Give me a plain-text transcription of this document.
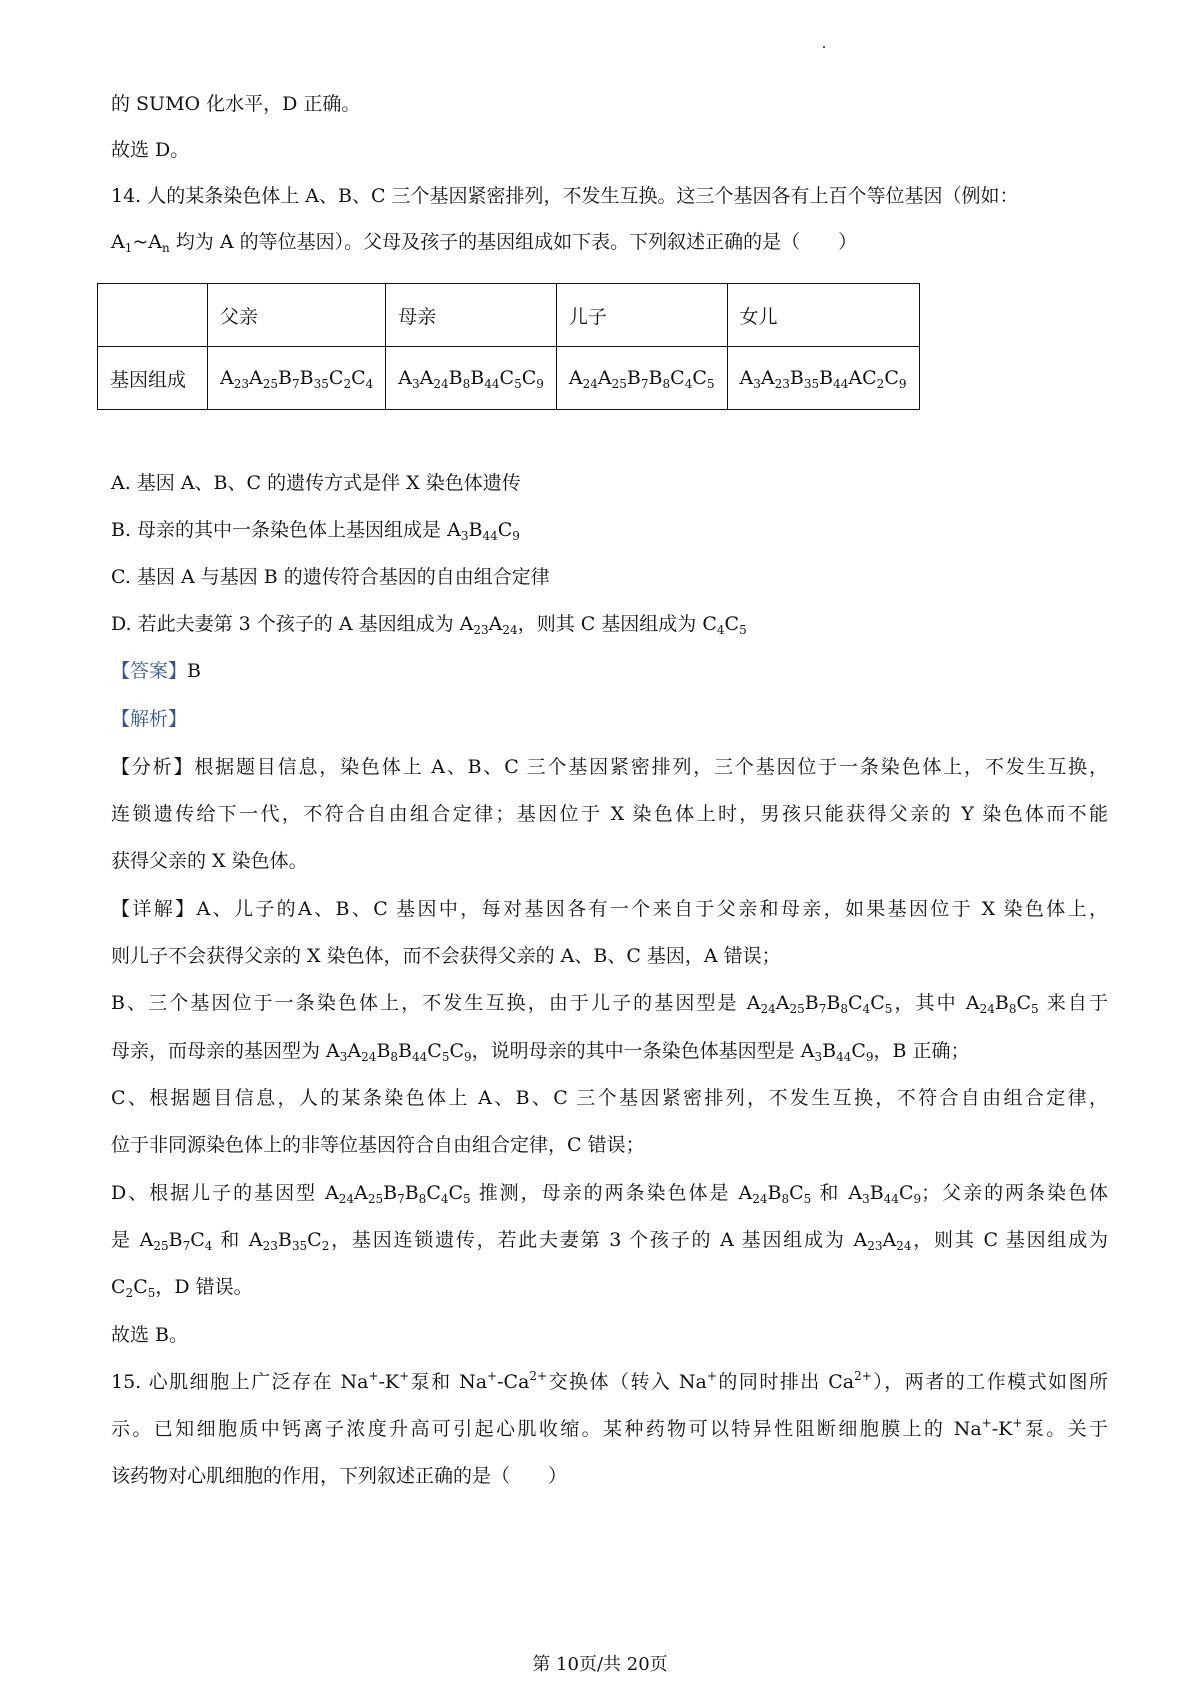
的 SUMO 化水平，D 正确。
故选 D。
14. 人的某条染色体上 A、B、C 三个基因紧密排列，不发生互换。这三个基因各有上百个等位基因（例如：
$A_1\sim A_n$ 均为 A 的等位基因）。父母及孩子的基因组成如下表。下列叙述正确的是（　　）
	父亲	母亲	儿子	女儿
基因组成	$A_{23}A_{25}B_7B_{35}C_2C_4$	$A_3A_{24}B_8B_{44}C_5C_9$	$A_{24}A_{25}B_7B_8C_4C_5$	$A_3A_{23}B_{35}B_{44}AC_2C_9$
A. 基因 A、B、C 的遗传方式是伴 X 染色体遗传
B. 母亲的其中一条染色体上基因组成是 $A_3B_{44}C_9$
C. 基因 A 与基因 B 的遗传符合基因的自由组合定律
D. 若此夫妻第 3 个孩子的 A 基因组成为 $A_{23}A_{24}$，则其 C 基因组成为 $C_4C_5$
【答案】B
【解析】
【分析】根据题目信息，染色体上 A、B、C 三个基因紧密排列，三个基因位于一条染色体上，不发生互换，
连锁遗传给下一代，不符合自由组合定律；基因位于 X 染色体上时，男孩只能获得父亲的 Y 染色体而不能
获得父亲的 X 染色体。
【详解】A、儿子的A、B、C 基因中，每对基因各有一个来自于父亲和母亲，如果基因位于 X 染色体上，
则儿子不会获得父亲的 X 染色体，而不会获得父亲的 A、B、C 基因，A 错误；
B、三个基因位于一条染色体上，不发生互换，由于儿子的基因型是 $A_{24}A_{25}B_7B_8C_4C_5$，其中 $A_{24}B_8C_5$ 来自于
母亲，而母亲的基因型为 $A_3A_{24}B_8B_{44}C_5C_9$，说明母亲的其中一条染色体基因型是 $A_3B_{44}C_9$，B 正确；
C、根据题目信息，人的某条染色体上 A、B、C 三个基因紧密排列，不发生互换，不符合自由组合定律，
位于非同源染色体上的非等位基因符合自由组合定律，C 错误；
D、根据儿子的基因型 $A_{24}A_{25}B_7B_8C_4C_5$ 推测，母亲的两条染色体是 $A_{24}B_8C_5$ 和 $A_3B_{44}C_9$；父亲的两条染色体
是 $A_{25}B_7C_4$ 和 $A_{23}B_{35}C_2$，基因连锁遗传，若此夫妻第 3 个孩子的 A 基因组成为 $A_{23}A_{24}$，则其 C 基因组成为
$C_2C_5$，D 错误。
故选 B。
15. 心肌细胞上广泛存在 Na+-K+泵和 $Na^+-Ca^{2+}$交换体（转入 Na+的同时排出 $Ca^{2+}$），两者的工作模式如图所
示。已知细胞质中钙离子浓度升高可引起心肌收缩。某种药物可以特异性阻断细胞膜上的 Na+-K+泵。关于
该药物对心肌细胞的作用，下列叙述正确的是（　　）
第 10页/共 20页
